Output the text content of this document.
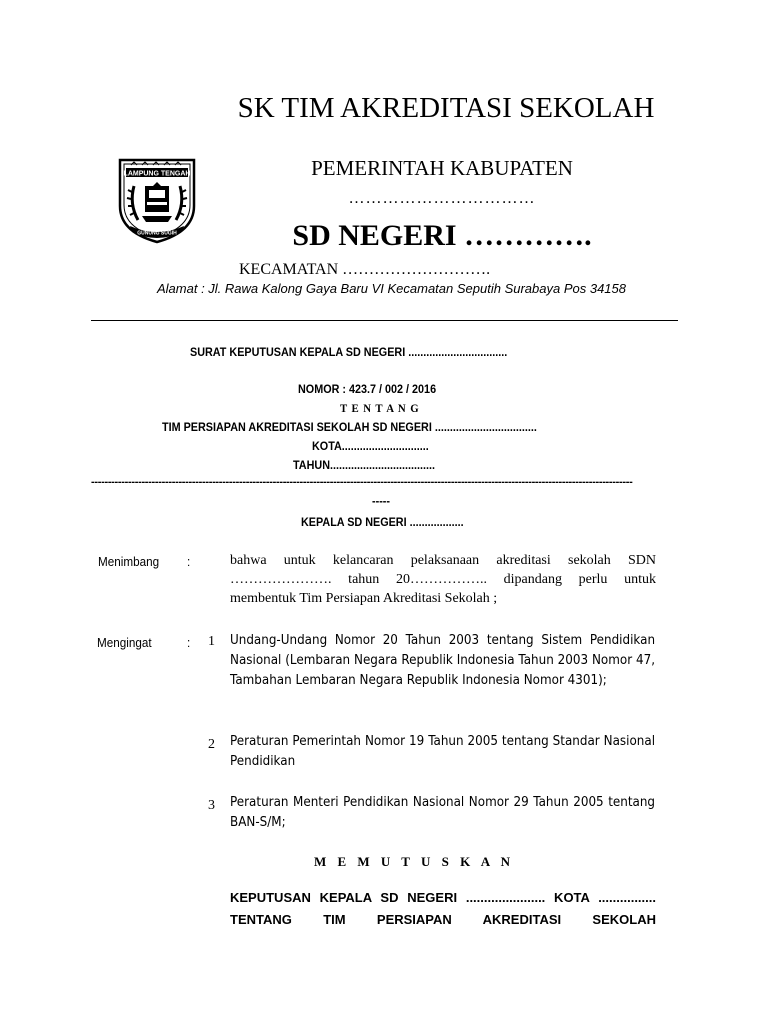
SK TIM AKREDITASI SEKOLAH
LAMPUNG TENGAH
GUNUNG SUGIH
PEMERINTAH KABUPATEN
……………………………
SD NEGERI ………….
KECAMATAN ……………………….
Alamat : Jl. Rawa Kalong Gaya Baru VI Kecamatan Seputih Surabaya Pos 34158
SURAT KEPUTUSAN KEPALA SD NEGERI .................................
NOMOR : 423.7 / 002 / 2016
T E N T A N G
TIM PERSIAPAN AKREDITASI SEKOLAH SD NEGERI ..................................
KOTA.............................
TAHUN...................................
-----------------------------------------------------------------------------------------------------------------------------------------------------------------
-----
KEPALA SD NEGERI ..................
Menimbang :	bahwa untuk kelancaran pelaksanaan akreditasi sekolah SDN …………………. tahun 20…………….. dipandang perlu untuk membentuk Tim Persiapan Akreditasi Sekolah ;
Mengingat	: 1 Undang-Undang Nomor 20 Tahun 2003 tentang Sistem Pendidikan Nasional (Lembaran Negara Republik Indonesia Tahun 2003 Nomor 47, Tambahan Lembaran Negara Republik Indonesia Nomor 4301);
2 Peraturan Pemerintah Nomor 19 Tahun 2005 tentang Standar Nasional Pendidikan
3 Peraturan Menteri Pendidikan Nasional Nomor 29 Tahun 2005 tentang BAN-S/M;
M E M U T U S K A N
KEPUTUSAN KEPALA SD NEGERI ...................... KOTA ................ TENTANG TIM PERSIAPAN AKREDITASI SEKOLAH
